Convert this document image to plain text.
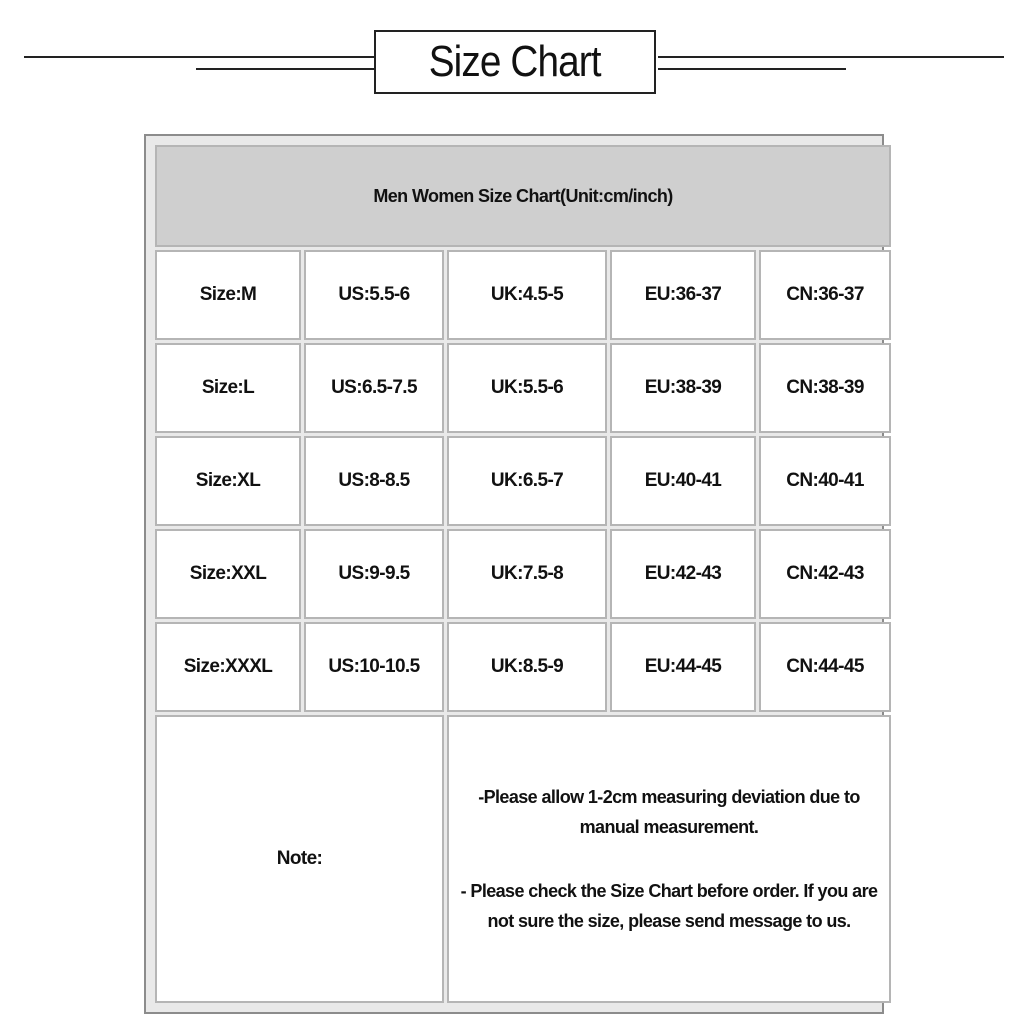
Size Chart
Men Women Size Chart(Unit:cm/inch)				
Size:M	US:5.5-6	UK:4.5-5	EU:36-37	CN:36-37
Size:L	US:6.5-7.5	UK:5.5-6	EU:38-39	CN:38-39
Size:XL	US:8-8.5	UK:6.5-7	EU:40-41	CN:40-41
Size:XXL	US:9-9.5	UK:7.5-8	EU:42-43	CN:42-43
Size:XXXL	US:10-10.5	UK:8.5-9	EU:44-45	CN:44-45
Note:		-Please allow 1-2cm measuring deviation due to manual measurement.
- Please check the Size Chart before order. If you are not sure the size, please send message to us.		
